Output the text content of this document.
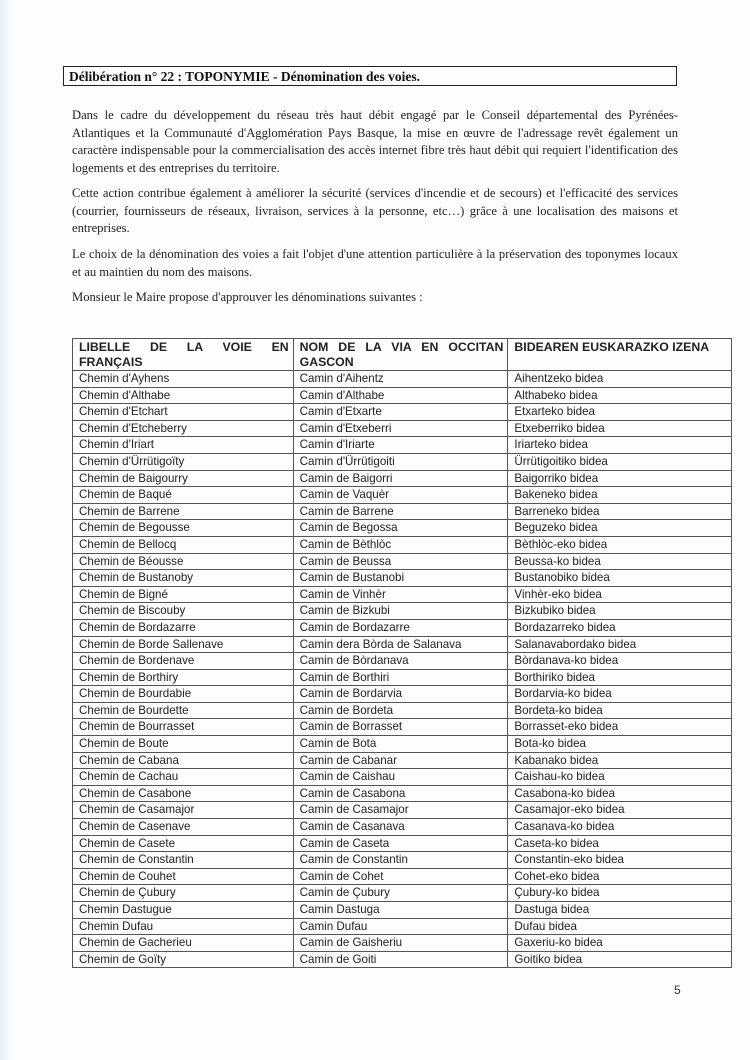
Délibération n° 22 : TOPONYMIE - Dénomination des voies.

Dans le cadre du développement du réseau très haut débit engagé par le Conseil départemental des Pyrénées-Atlantiques et la Communauté d'Agglomération Pays Basque, la mise en œuvre de l'adressage revêt également un caractère indispensable pour la commercialisation des accès internet fibre très haut débit qui requiert l'identification des logements et des entreprises du territoire.

Cette action contribue également à améliorer la sécurité (services d'incendie et de secours) et l'efficacité des services (courrier, fournisseurs de réseaux, livraison, services à la personne, etc…) grâce à une localisation des maisons et entreprises.

Le choix de la dénomination des voies a fait l'objet d'une attention particulière à la préservation des toponymes locaux et au maintien du nom des maisons.

Monsieur le Maire propose d'approuver les dénominations suivantes :

LIBELLE DE LA VOIE EN FRANÇAIS	NOM DE LA VIA EN OCCITAN GASCON	BIDEAREN EUSKARAZKO IZENA
Chemin d'Ayhens	Camin d'Aihentz	Aihentzeko bidea
Chemin d'Althabe	Camin d'Althabe	Althabeko bidea
Chemin d'Etchart	Camin d'Etxarte	Etxarteko bidea
Chemin d'Etcheberry	Camin d'Etxeberri	Etxeberriko bidea
Chemin d'Iriart	Camin d'Iriarte	Iriarteko bidea
Chemin d'Ürrütigoïty	Camin d'Ürrütigoiti	Ürrütigoitiko bidea
Chemin de Baigourry	Camin de Baigorri	Baigorriko bidea
Chemin de Baqué	Camin de Vaquèr	Bakeneko bidea
Chemin de Barrene	Camin de Barrene	Barreneko bidea
Chemin de Begousse	Camin de Begossa	Beguzeko bidea
Chemin de Bellocq	Camin de Bèthlòc	Bèthlòc-eko bidea
Chemin de Béousse	Camin de Beussa	Beussa-ko bidea
Chemin de Bustanoby	Camin de Bustanobi	Bustanobiko bidea
Chemin de Bigné	Camin de Vinhèr	Vinhèr-eko bidea
Chemin de Biscouby	Camin de Bizkubi	Bizkubiko bidea
Chemin de Bordazarre	Camin de Bordazarre	Bordazarreko bidea
Chemin de Borde Sallenave	Camin dera Bòrda de Salanava	Salanavabordako bidea
Chemin de Bordenave	Camin de Bòrdanava	Bòrdanava-ko bidea
Chemin de Borthiry	Camin de Borthiri	Borthiriko bidea
Chemin de Bourdabie	Camin de Bordarvia	Bordarvia-ko bidea
Chemin de Bourdette	Camin de Bordeta	Bordeta-ko bidea
Chemin de Bourrasset	Camin de Borrasset	Borrasset-eko bidea
Chemin de Boute	Camin de Bota	Bota-ko bidea
Chemin de Cabana	Camin de Cabanar	Kabanako bidea
Chemin de Cachau	Camin de Caishau	Caishau-ko bidea
Chemin de Casabone	Camin de Casabona	Casabona-ko bidea
Chemin de Casamajor	Camin de Casamajor	Casamajor-eko bidea
Chemin de Casenave	Camin de Casanava	Casanava-ko bidea
Chemin de Casete	Camin de Caseta	Caseta-ko bidea
Chemin de Constantin	Camin de Constantin	Constantin-eko bidea
Chemin de Couhet	Camin de Cohet	Cohet-eko bidea
Chemin de Çubury	Camin de Çubury	Çubury-ko bidea
Chemin Dastugue	Camin Dastuga	Dastuga bidea
Chemin Dufau	Camin Dufau	Dufau bidea
Chemin de Gacherieu	Camin de Gaisheriu	Gaxeriu-ko bidea
Chemin de Goïty	Camin de Goiti	Goitiko bidea
5
